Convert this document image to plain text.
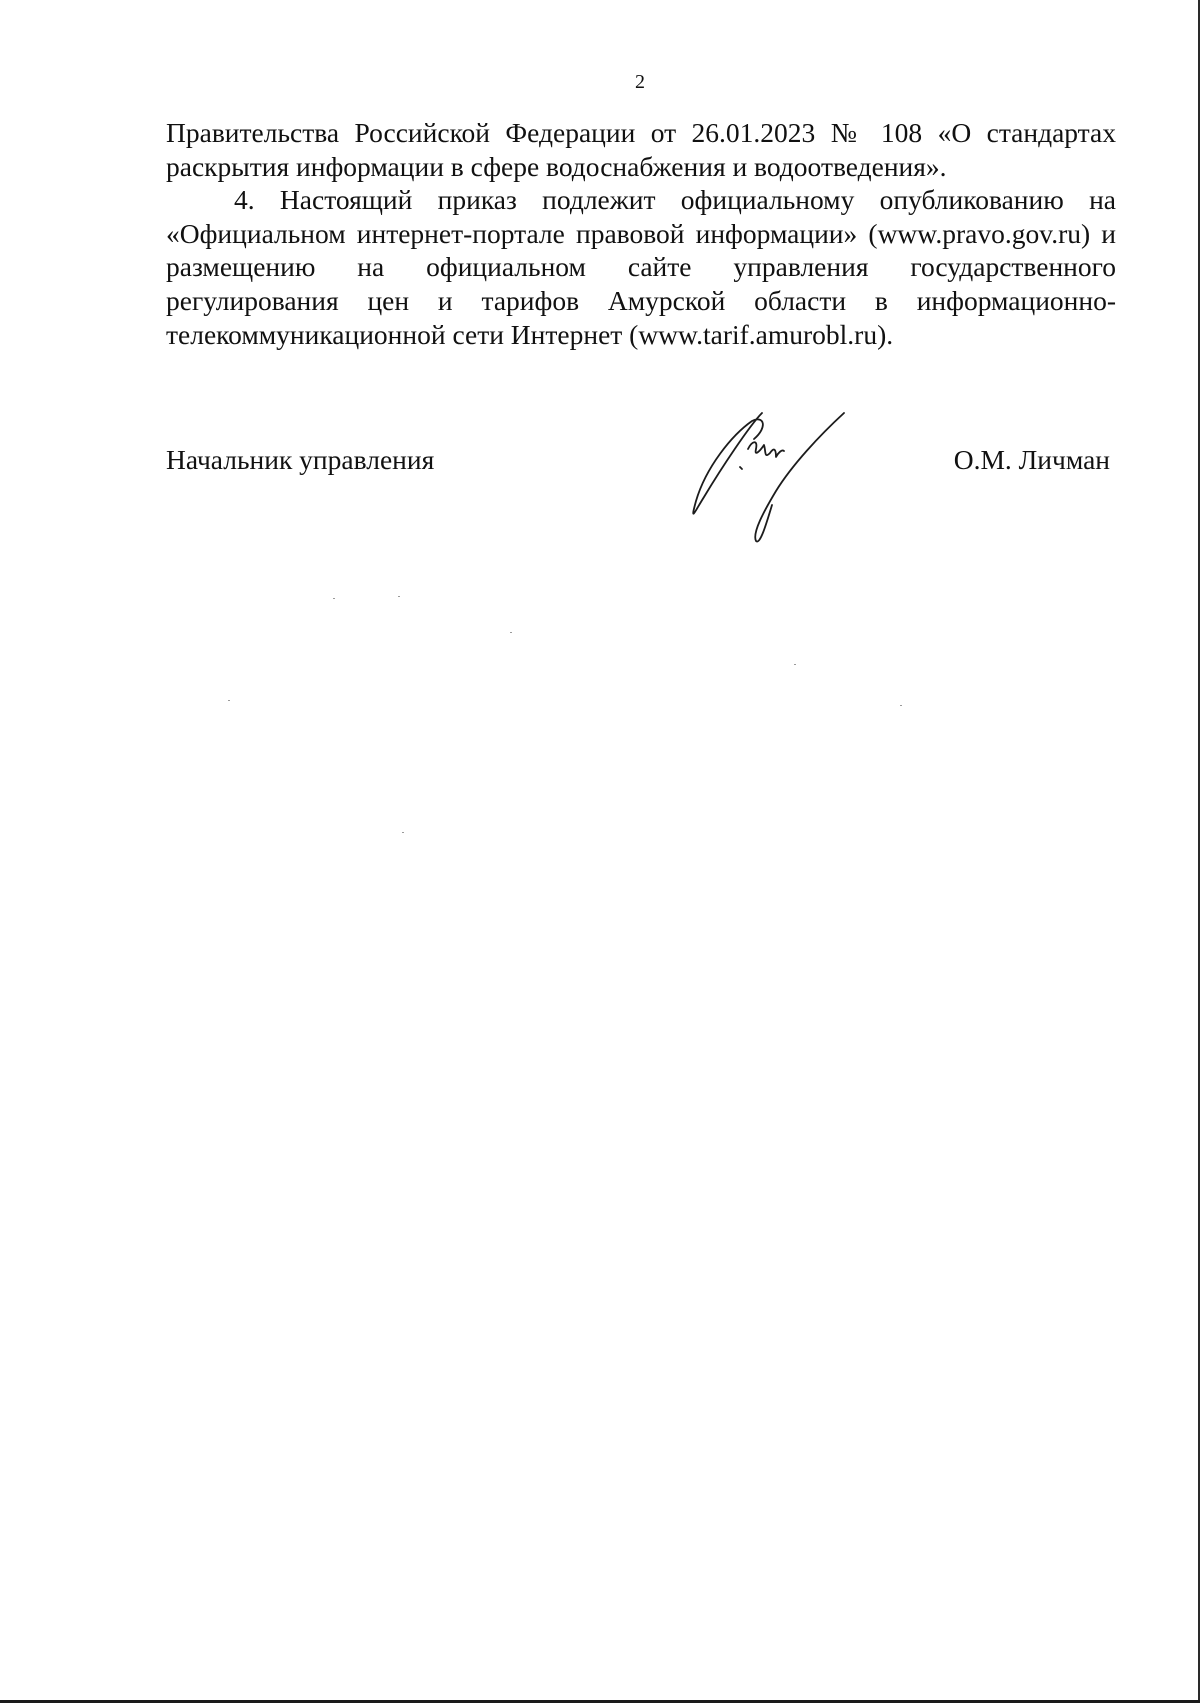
2

Правительства Российской Федерации от 26.01.2023 № 108 «О стандартах раскрытия информации в сфере водоснабжения и водоотведения».

4. Настоящий приказ подлежит официальному опубликованию на «Официальном интернет-портале правовой информации» (www.pravo.gov.ru) и размещению на официальном сайте управления государственного регулирования цен и тарифов Амурской области в информационно-телекоммуникационной сети Интернет (www.tarif.amurobl.ru).

Начальник управления	О.М. Личман
